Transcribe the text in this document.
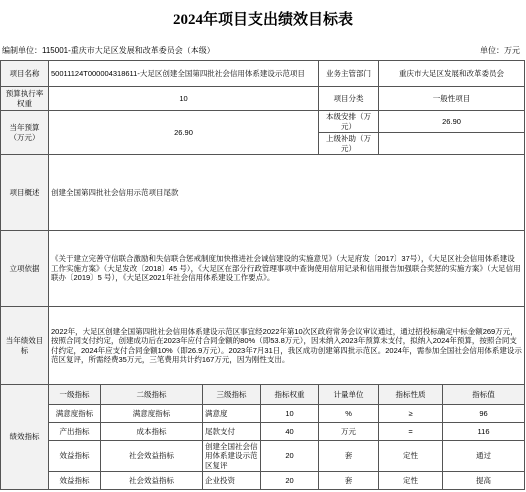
2024年项目支出绩效目标表
编制单位：115001-重庆市大足区发展和改革委员会（本级）	单位：万元
项目名称	50011124T000004318611-大足区创建全国第四批社会信用体系建设示范项目				业务主管部门	重庆市大足区发展和改革委员会	
预算执行率权重	10				项目分类	一般性项目	
当年预算（万元）	26.90				本级安排（万元）	26.90	
					上级补助（万元）		
项目概述	创建全国第四批社会信用示范项目尾款						
立项依据	《关于建立完善守信联合激励和失信联合惩戒制度加快推进社会诚信建设的实施意见》（大足府发〔2017〕37号），《大足区社会信用体系建设工作实施方案》（大足发改〔2018〕45 号），《大足区在部分行政管理事项中查询使用信用记录和信用报告加强联合奖惩的实施方案》（大足信用联办〔2019〕5 号），《大足区2021年社会信用体系建设工作要点》。						
当年绩效目标	2022年，大足区创建全国第四批社会信用体系建设示范区事宜经2022年第10次区政府常务会议审议通过，通过招投标确定中标金额269万元，按照合同支付约定，创建成功后在2023年应付合同金额的80%（即53.8万元），因未纳入2023年预算未支付，拟纳入2024年预算，按照合同支付约定，2024年应支付合同金额10%（即26.9万元）。2023年7月31日，我区成功创建第四批示范区。2024年，需参加全国社会信用体系建设示范区复评，所需经费35万元，三笔费用共计约167万元，因为刚性支出。						
绩效指标	一级指标	二级指标	三级指标	指标权重	计量单位	指标性质	指标值
	满意度指标	满意度指标	满意度	10	%	≥	96
	产出指标	成本指标	尾款支付	40	万元	=	116
	效益指标	社会效益指标	创建全国社会信用体系建设示范区复评	20	套	定性	通过
	效益指标	社会效益指标	企业投资	20	套	定性	提高
